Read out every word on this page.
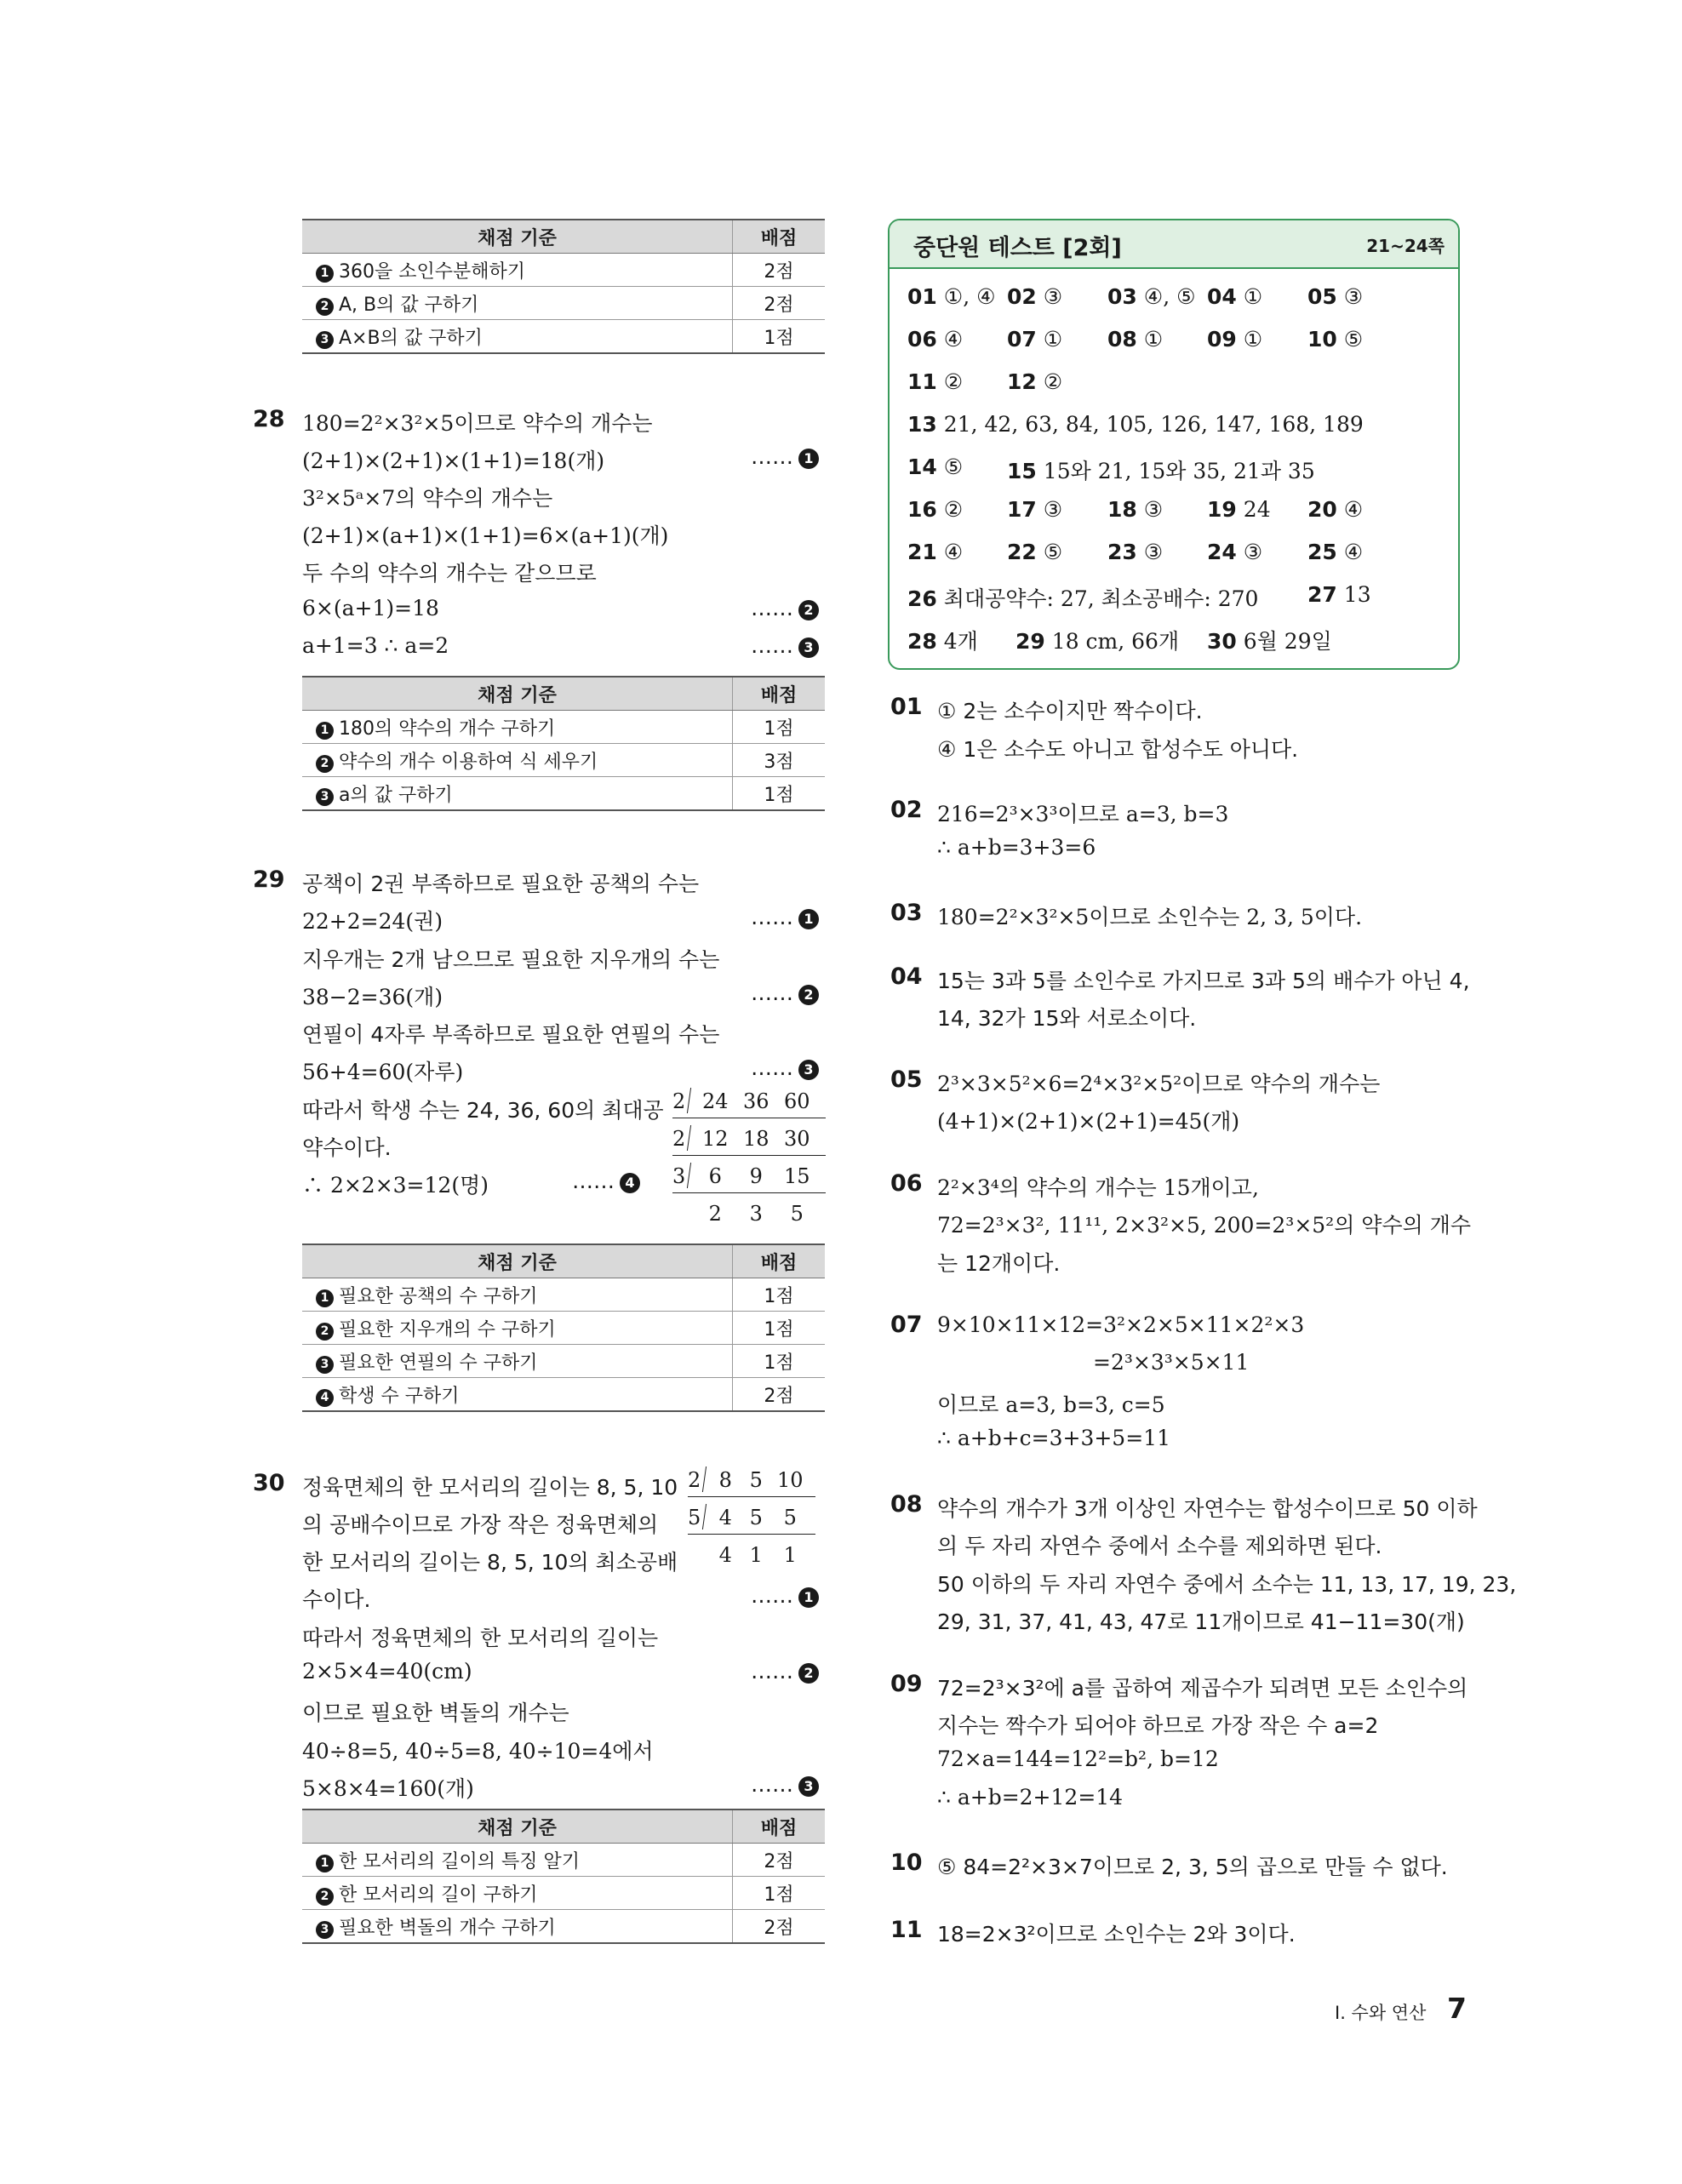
채점 기준	배점
1 360을 소인수분해하기	2점
2 A, B의 값 구하기	2점
3 A×B의 값 구하기	1점
28 180=2²×3²×5이므로 약수의 개수는
(2+1)×(2+1)×(1+1)=18(개)	…… 1
3²×5ᵃ×7의 약수의 개수는
(2+1)×(a+1)×(1+1)=6×(a+1)(개)
두 수의 약수의 개수는 같으므로
6×(a+1)=18	…… 2
a+1=3 ∴ a=2	…… 3
채점 기준	배점
1 180의 약수의 개수 구하기	1점
2 약수의 개수 이용하여 식 세우기	3점
3 a의 값 구하기	1점
29 공책이 2권 부족하므로 필요한 공책의 수는
22+2=24(권)	…… 1
지우개는 2개 남으므로 필요한 지우개의 수는
38−2=36(개)	…… 2
연필이 4자루 부족하므로 필요한 연필의 수는
56+4=60(자루)	…… 3
따라서 학생 수는 24, 36, 60의 최대공
약수이다.
∴ 2×2×3=12(명)	…… 4
2 24 36 60
2 12 18 30
3 6 9 15
2 3 5
채점 기준	배점
1 필요한 공책의 수 구하기	1점
2 필요한 지우개의 수 구하기	1점
3 필요한 연필의 수 구하기	1점
4 학생 수 구하기	2점
30 정육면체의 한 모서리의 길이는 8, 5, 10
의 공배수이므로 가장 작은 정육면체의
한 모서리의 길이는 8, 5, 10의 최소공배
수이다.	…… 1
따라서 정육면체의 한 모서리의 길이는
2×5×4=40(cm)	…… 2
이므로 필요한 벽돌의 개수는
40÷8=5, 40÷5=8, 40÷10=4에서
5×8×4=160(개)	…… 3
2 8 5 10
5 4 5 5
4 1 1
채점 기준	배점
1 한 모서리의 길이의 특징 알기	2점
2 한 모서리의 길이 구하기	1점
3 필요한 벽돌의 개수 구하기	2점
중단원 테스트 [2회]	21~24쪽
01 ①, ④ 02 ③ 03 ④, ⑤ 04 ① 05 ③
06 ④ 07 ① 08 ① 09 ① 10 ⑤
11 ② 12 ②
13 21, 42, 63, 84, 105, 126, 147, 168, 189
14 ⑤ 15 15와 21, 15와 35, 21과 35
16 ② 17 ③ 18 ③ 19 24 20 ④
21 ④ 22 ⑤ 23 ③ 24 ③ 25 ④
26 최대공약수: 27, 최소공배수: 270 27 13
28 4개 29 18 cm, 66개 30 6월 29일
01 ① 2는 소수이지만 짝수이다.
④ 1은 소수도 아니고 합성수도 아니다.
02 216=2³×3³이므로 a=3, b=3
∴ a+b=3+3=6
03 180=2²×3²×5이므로 소인수는 2, 3, 5이다.
04 15는 3과 5를 소인수로 가지므로 3과 5의 배수가 아닌 4,
14, 32가 15와 서로소이다.
05 2³×3×5²×6=2⁴×3²×5²이므로 약수의 개수는
(4+1)×(2+1)×(2+1)=45(개)
06 2²×3⁴의 약수의 개수는 15개이고,
72=2³×3², 11¹¹, 2×3²×5, 200=2³×5²의 약수의 개수
는 12개이다.
07 9×10×11×12=3²×2×5×11×2²×3
=2³×3³×5×11
이므로 a=3, b=3, c=5
∴ a+b+c=3+3+5=11
08 약수의 개수가 3개 이상인 자연수는 합성수이므로 50 이하
의 두 자리 자연수 중에서 소수를 제외하면 된다.
50 이하의 두 자리 자연수 중에서 소수는 11, 13, 17, 19, 23,
29, 31, 37, 41, 43, 47로 11개이므로 41−11=30(개)
09 72=2³×3²에 a를 곱하여 제곱수가 되려면 모든 소인수의
지수는 짝수가 되어야 하므로 가장 작은 수 a=2
72×a=144=12²=b², b=12
∴ a+b=2+12=14
10 ⑤ 84=2²×3×7이므로 2, 3, 5의 곱으로 만들 수 없다.
11 18=2×3²이므로 소인수는 2와 3이다.
I. 수와 연산 7
